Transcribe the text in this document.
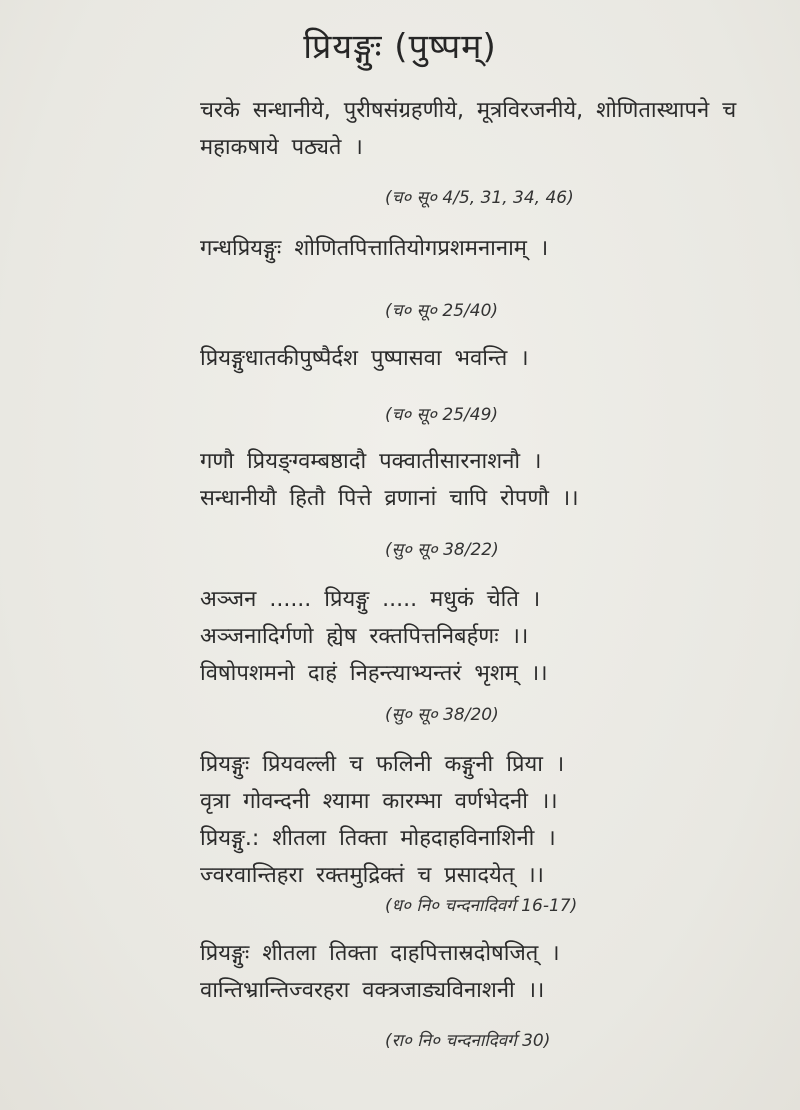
प्रियङ्गुः (पुष्पम्)
चरके सन्धानीये, पुरीषसंग्रहणीये, मूत्रविरजनीये, शोणितास्थापने च
महाकषाये पठ्यते ।
(च० सू० 4/5, 31, 34, 46)
गन्धप्रियङ्गुः शोणितपित्तातियोगप्रशमनानाम् ।
(च० सू० 25/40)
प्रियङ्गुधातकीपुष्पैर्दश पुष्पासवा भवन्ति ।
(च० सू० 25/49)
गणौ प्रियङ्ग्वम्बष्ठादौ पक्वातीसारनाशनौ ।
सन्धानीयौ हितौ पित्ते व्रणानां चापि रोपणौ ।।
(सु० सू० 38/22)
अञ्जन ...... प्रियङ्गु ..... मधुकं चेति ।
अञ्जनादिर्गणो ह्येष रक्तपित्तनिबर्हणः ।।
विषोपशमनो दाहं निहन्त्याभ्यन्तरं भृशम् ।।
(सु० सू० 38/20)
प्रियङ्गुः प्रियवल्ली च फलिनी कङ्गुनी प्रिया ।
वृत्रा गोवन्दनी श्यामा कारम्भा वर्णभेदनी ।।
प्रियङ्गु.: शीतला तिक्ता मोहदाहविनाशिनी ।
ज्वरवान्तिहरा रक्तमुद्रिक्तं च प्रसादयेत् ।।
(ध० नि० चन्दनादिवर्ग 16-17)
प्रियङ्गुः शीतला तिक्ता दाहपित्तास्रदोषजित् ।
वान्तिभ्रान्तिज्वरहरा वक्त्रजाड्यविनाशनी ।।
(रा० नि० चन्दनादिवर्ग 30)
